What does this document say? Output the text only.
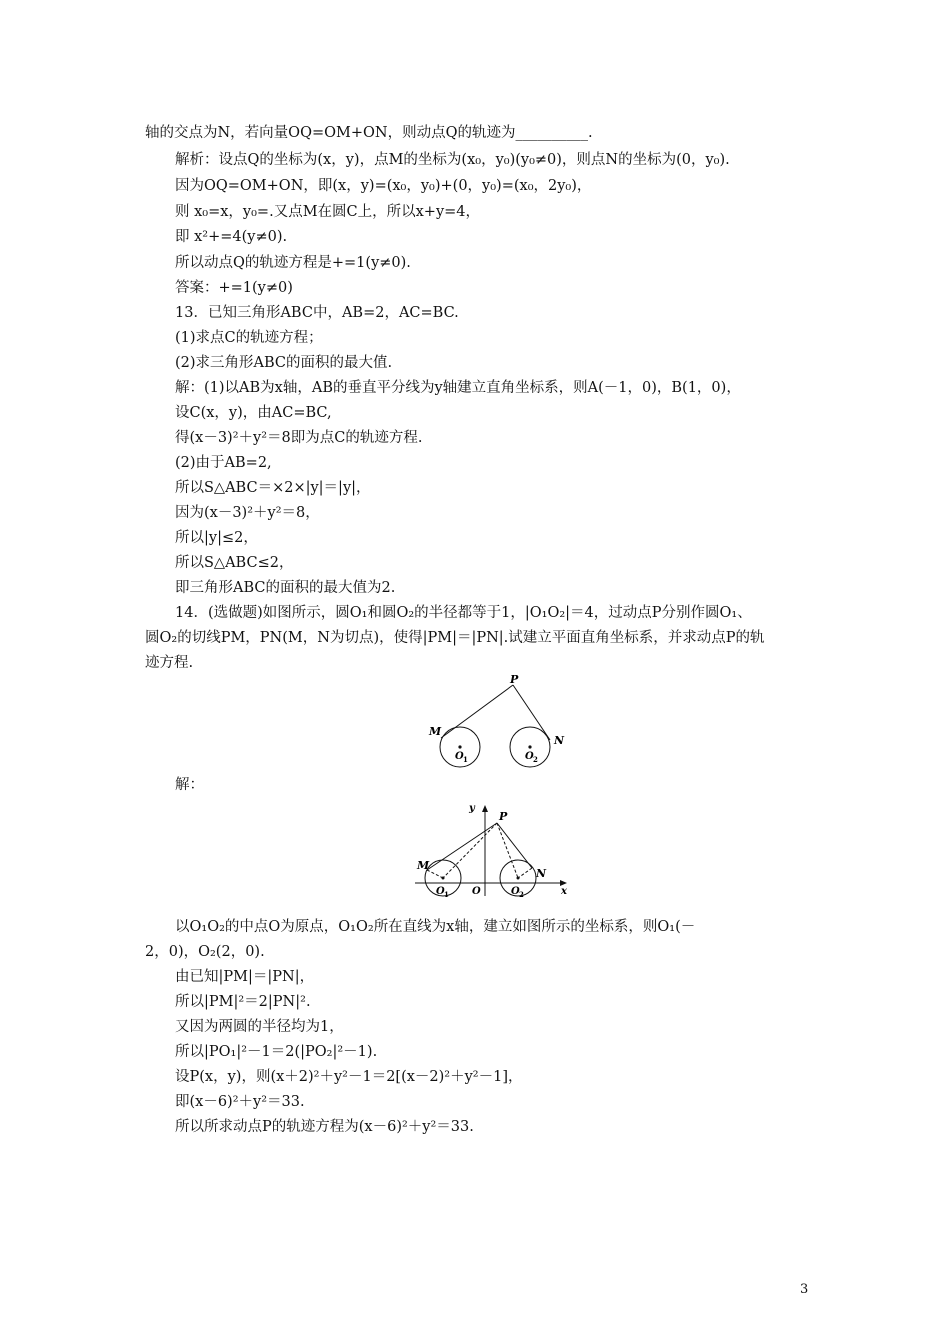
轴的交点为N，若向量OQ=OM+ON，则动点Q的轨迹为__________.
解析：设点Q的坐标为(x，y)，点M的坐标为(x₀，y₀)(y₀≠0)，则点N的坐标为(0，y₀).
因为OQ=OM+ON，即(x，y)=(x₀，y₀)+(0，y₀)=(x₀，2y₀)，
则 x₀=x，y₀=.又点M在圆C上，所以x+y=4，
即 x²+=4(y≠0).
所以动点Q的轨迹方程是+=1(y≠0).
答案：+=1(y≠0)
13．已知三角形ABC中，AB=2，AC=BC.
(1)求点C的轨迹方程；
(2)求三角形ABC的面积的最大值.
解：(1)以AB为x轴，AB的垂直平分线为y轴建立直角坐标系，则A(－1，0)，B(1，0)，
设C(x，y)，由AC=BC,
得(x－3)²＋y²＝8即为点C的轨迹方程.
(2)由于AB=2,
所以S△ABC＝×2×|y|＝|y|，
因为(x－3)²＋y²＝8，
所以|y|≤2，
所以S△ABC≤2，
即三角形ABC的面积的最大值为2.
14．(选做题)如图所示，圆O₁和圆O₂的半径都等于1，|O₁O₂|＝4，过动点P分别作圆O₁、
圆O₂的切线PM，PN(M，N为切点)，使得|PM|＝|PN|.试建立平面直角坐标系，并求动点P的轨
迹方程.
P
M
N
O 1	O 2
解：
y
x
P
M
N
O
O 1	O 2
以O₁O₂的中点O为原点，O₁O₂所在直线为x轴，建立如图所示的坐标系，则O₁(－
2，0)，O₂(2，0).
由已知|PM|＝|PN|，
所以|PM|²＝2|PN|².
又因为两圆的半径均为1，
所以|PO₁|²－1＝2(|PO₂|²－1).
设P(x，y)，则(x＋2)²＋y²－1＝2[(x－2)²＋y²－1]，
即(x－6)²＋y²＝33.
所以所求动点P的轨迹方程为(x－6)²＋y²＝33.
3
